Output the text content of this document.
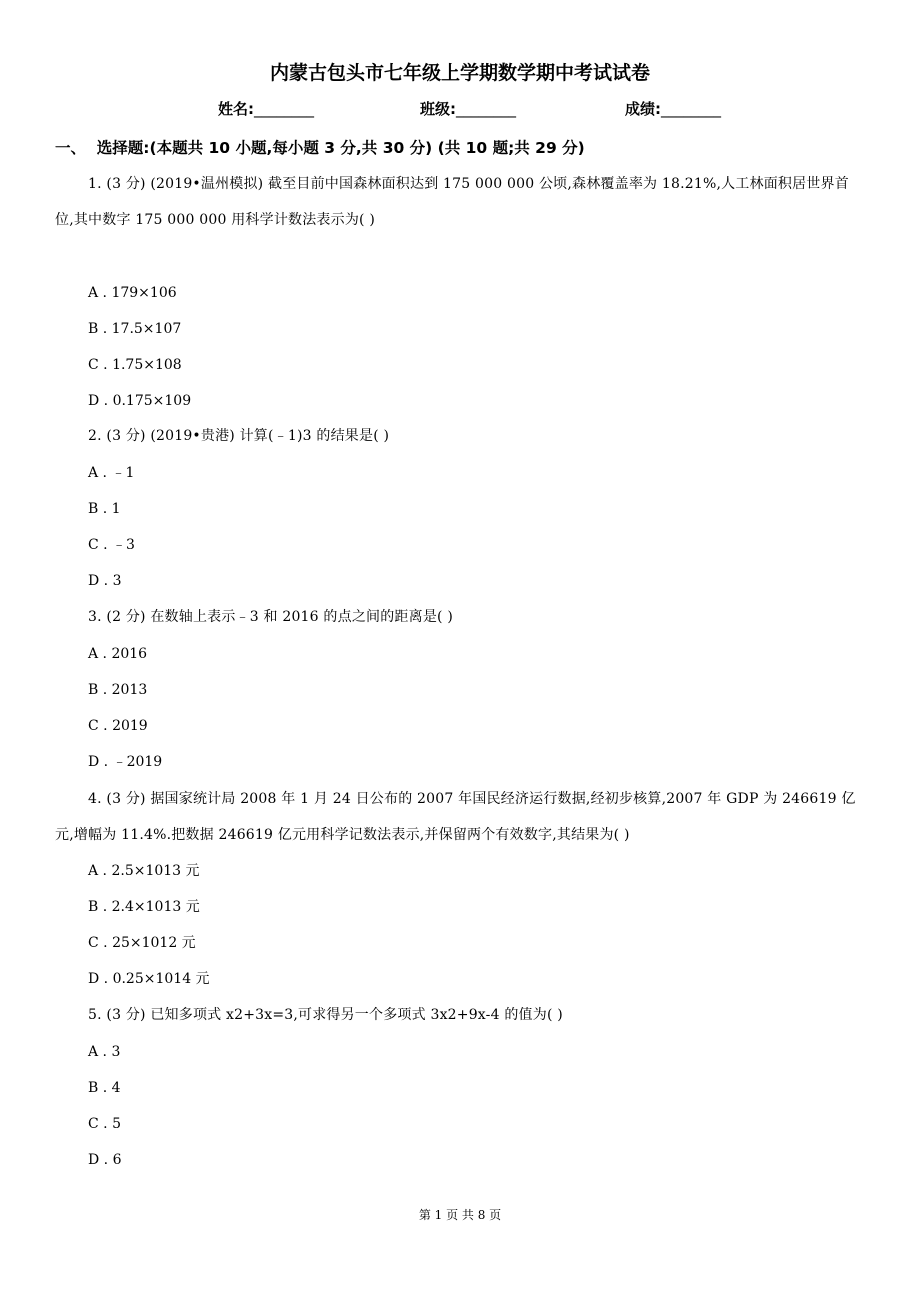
内蒙古包头市七年级上学期数学期中考试试卷
姓名:________	班级:________	成绩:________
一、  选择题:(本题共 10 小题,每小题 3 分,共 30 分) (共 10 题;共 29 分)
1. (3 分) (2019•温州模拟) 截至目前中国森林面积达到 175 000 000 公顷,森林覆盖率为 18.21%,人工林面积居世界首位,其中数字 175 000 000 用科学计数法表示为( )
A . 179×106
B . 17.5×107
C . 1.75×108
D . 0.175×109
2. (3 分) (2019•贵港) 计算(﹣1)3 的结果是( )
A . ﹣1
B . 1
C . ﹣3
D . 3
3. (2 分) 在数轴上表示﹣3 和 2016 的点之间的距离是( )
A . 2016
B . 2013
C . 2019
D . ﹣2019
4. (3 分) 据国家统计局 2008 年 1 月 24 日公布的 2007 年国民经济运行数据,经初步核算,2007 年 GDP 为 246619 亿元,增幅为 11.4%.把数据 246619 亿元用科学记数法表示,并保留两个有效数字,其结果为( )
A . 2.5×1013 元
B . 2.4×1013 元
C . 25×1012 元
D . 0.25×1014 元
5. (3 分) 已知多项式 x2+3x=3,可求得另一个多项式 3x2+9x-4 的值为( )
A . 3
B . 4
C . 5
D . 6
第 1 页 共 8 页
